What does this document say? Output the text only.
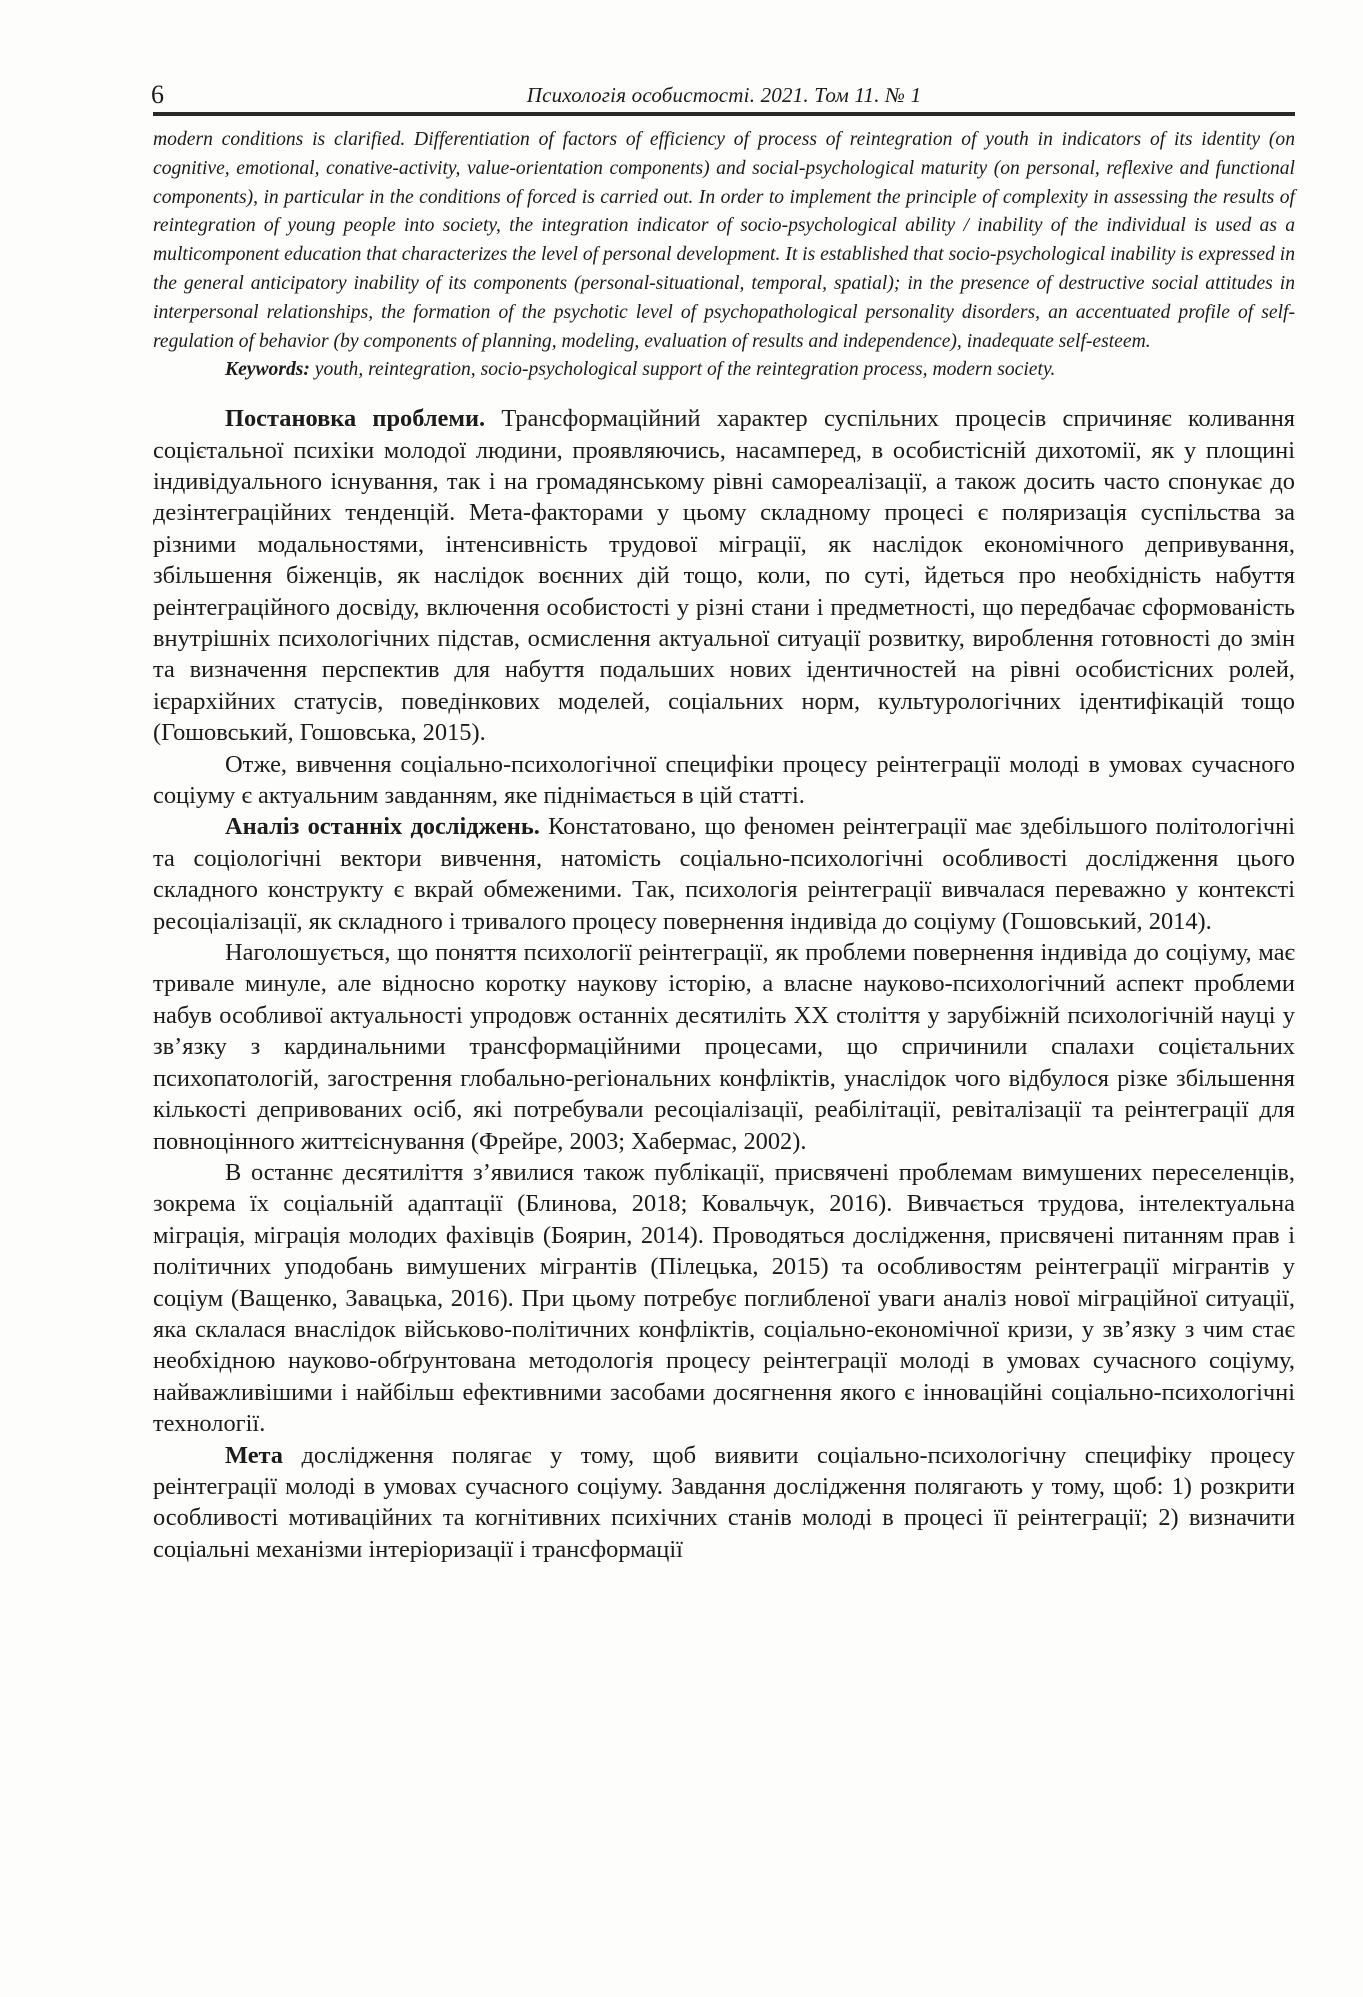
6	Психологія особистості. 2021. Том 11. № 1

modern conditions is clarified. Differentiation of factors of efficiency of process of reintegration of youth in indicators of its identity (on cognitive, emotional, conative-activity, value-orientation components) and social-psychological maturity (on personal, reflexive and functional components), in particular in the conditions of forced is carried out. In order to implement the principle of complexity in assessing the results of reintegration of young people into society, the integration indicator of socio-psychological ability / inability of the individual is used as a multicomponent education that characterizes the level of personal development. It is established that socio-psychological inability is expressed in the general anticipatory inability of its components (personal-situational, temporal, spatial); in the presence of destructive social attitudes in interpersonal relationships, the formation of the psychotic level of psychopathological personality disorders, an accentuated profile of self-regulation of behavior (by components of planning, modeling, evaluation of results and independence), inadequate self-esteem.

Keywords: youth, reintegration, socio-psychological support of the reintegration process, modern society.

Постановка проблеми. Трансформаційний характер суспільних процесів спричиняє коливання соцієтальної психіки молодої людини, проявляючись, насамперед, в особистісній дихотомії, як у площині індивідуального існування, так і на громадянському рівні самореалізації, а також досить часто спонукає до дезінтеграційних тенденцій. Мета-факторами у цьому складному процесі є поляризація суспільства за різними модальностями, інтенсивність трудової міграції, як наслідок економічного депривування, збільшення біженців, як наслідок воєнних дій тощо, коли, по суті, йдеться про необхідність набуття реінтеграційного досвіду, включення особистості у різні стани і предметності, що передбачає сформованість внутрішніх психологічних підстав, осмислення актуальної ситуації розвитку, вироблення готовності до змін та визначення перспектив для набуття подальших нових ідентичностей на рівні особистісних ролей, ієрархійних статусів, поведінкових моделей, соціальних норм, культурологічних ідентифікацій тощо (Гошовський, Гошовська, 2015).

Отже, вивчення соціально-психологічної специфіки процесу реінтеграції молоді в умовах сучасного соціуму є актуальним завданням, яке піднімається в цій статті.

Аналіз останніх досліджень. Констатовано, що феномен реінтеграції має здебільшого політологічні та соціологічні вектори вивчення, натомість соціально-психологічні особливості дослідження цього складного конструкту є вкрай обмеженими. Так, психологія реінтеграції вивчалася переважно у контексті ресоціалізації, як складного і тривалого процесу повернення індивіда до соціуму (Гошовський, 2014).

Наголошується, що поняття психології реінтеграції, як проблеми повернення індивіда до соціуму, має тривале минуле, але відносно коротку наукову історію, а власне науково-психологічний аспект проблеми набув особливої актуальності упродовж останніх десятиліть XX століття у зарубіжній психологічній науці у зв’язку з кардинальними трансформаційними процесами, що спричинили спалахи соцієтальних психопатологій, загострення глобально-регіональних конфліктів, унаслідок чого відбулося різке збільшення кількості депривованих осіб, які потребували ресоціалізації, реабілітації, ревіталізації та реінтеграції для повноцінного життєіснування (Фрейре, 2003; Хабермас, 2002).

В останнє десятиліття з’явилися також публікації, присвячені проблемам вимушених переселенців, зокрема їх соціальній адаптації (Блинова, 2018; Ковальчук, 2016). Вивчається трудова, інтелектуальна міграція, міграція молодих фахівців (Боярин, 2014). Проводяться дослідження, присвячені питанням прав і політичних уподобань вимушених мігрантів (Пілецька, 2015) та особливостям реінтеграції мігрантів у соціум (Ващенко, Завацька, 2016). При цьому потребує поглибленої уваги аналіз нової міграційної ситуації, яка склалася внаслідок військово-політичних конфліктів, соціально-економічної кризи, у зв’язку з чим стає необхідною науково-обґрунтована методологія процесу реінтеграції молоді в умовах сучасного соціуму, найважливішими і найбільш ефективними засобами досягнення якого є інноваційні соціально-психологічні технології.

Мета дослідження полягає у тому, щоб виявити соціально-психологічну специфіку процесу реінтеграції молоді в умовах сучасного соціуму. Завдання дослідження полягають у тому, щоб: 1) розкрити особливості мотиваційних та когнітивних психічних станів молоді в процесі її реінтеграції; 2) визначити соціальні механізми інтеріоризації і трансформації
